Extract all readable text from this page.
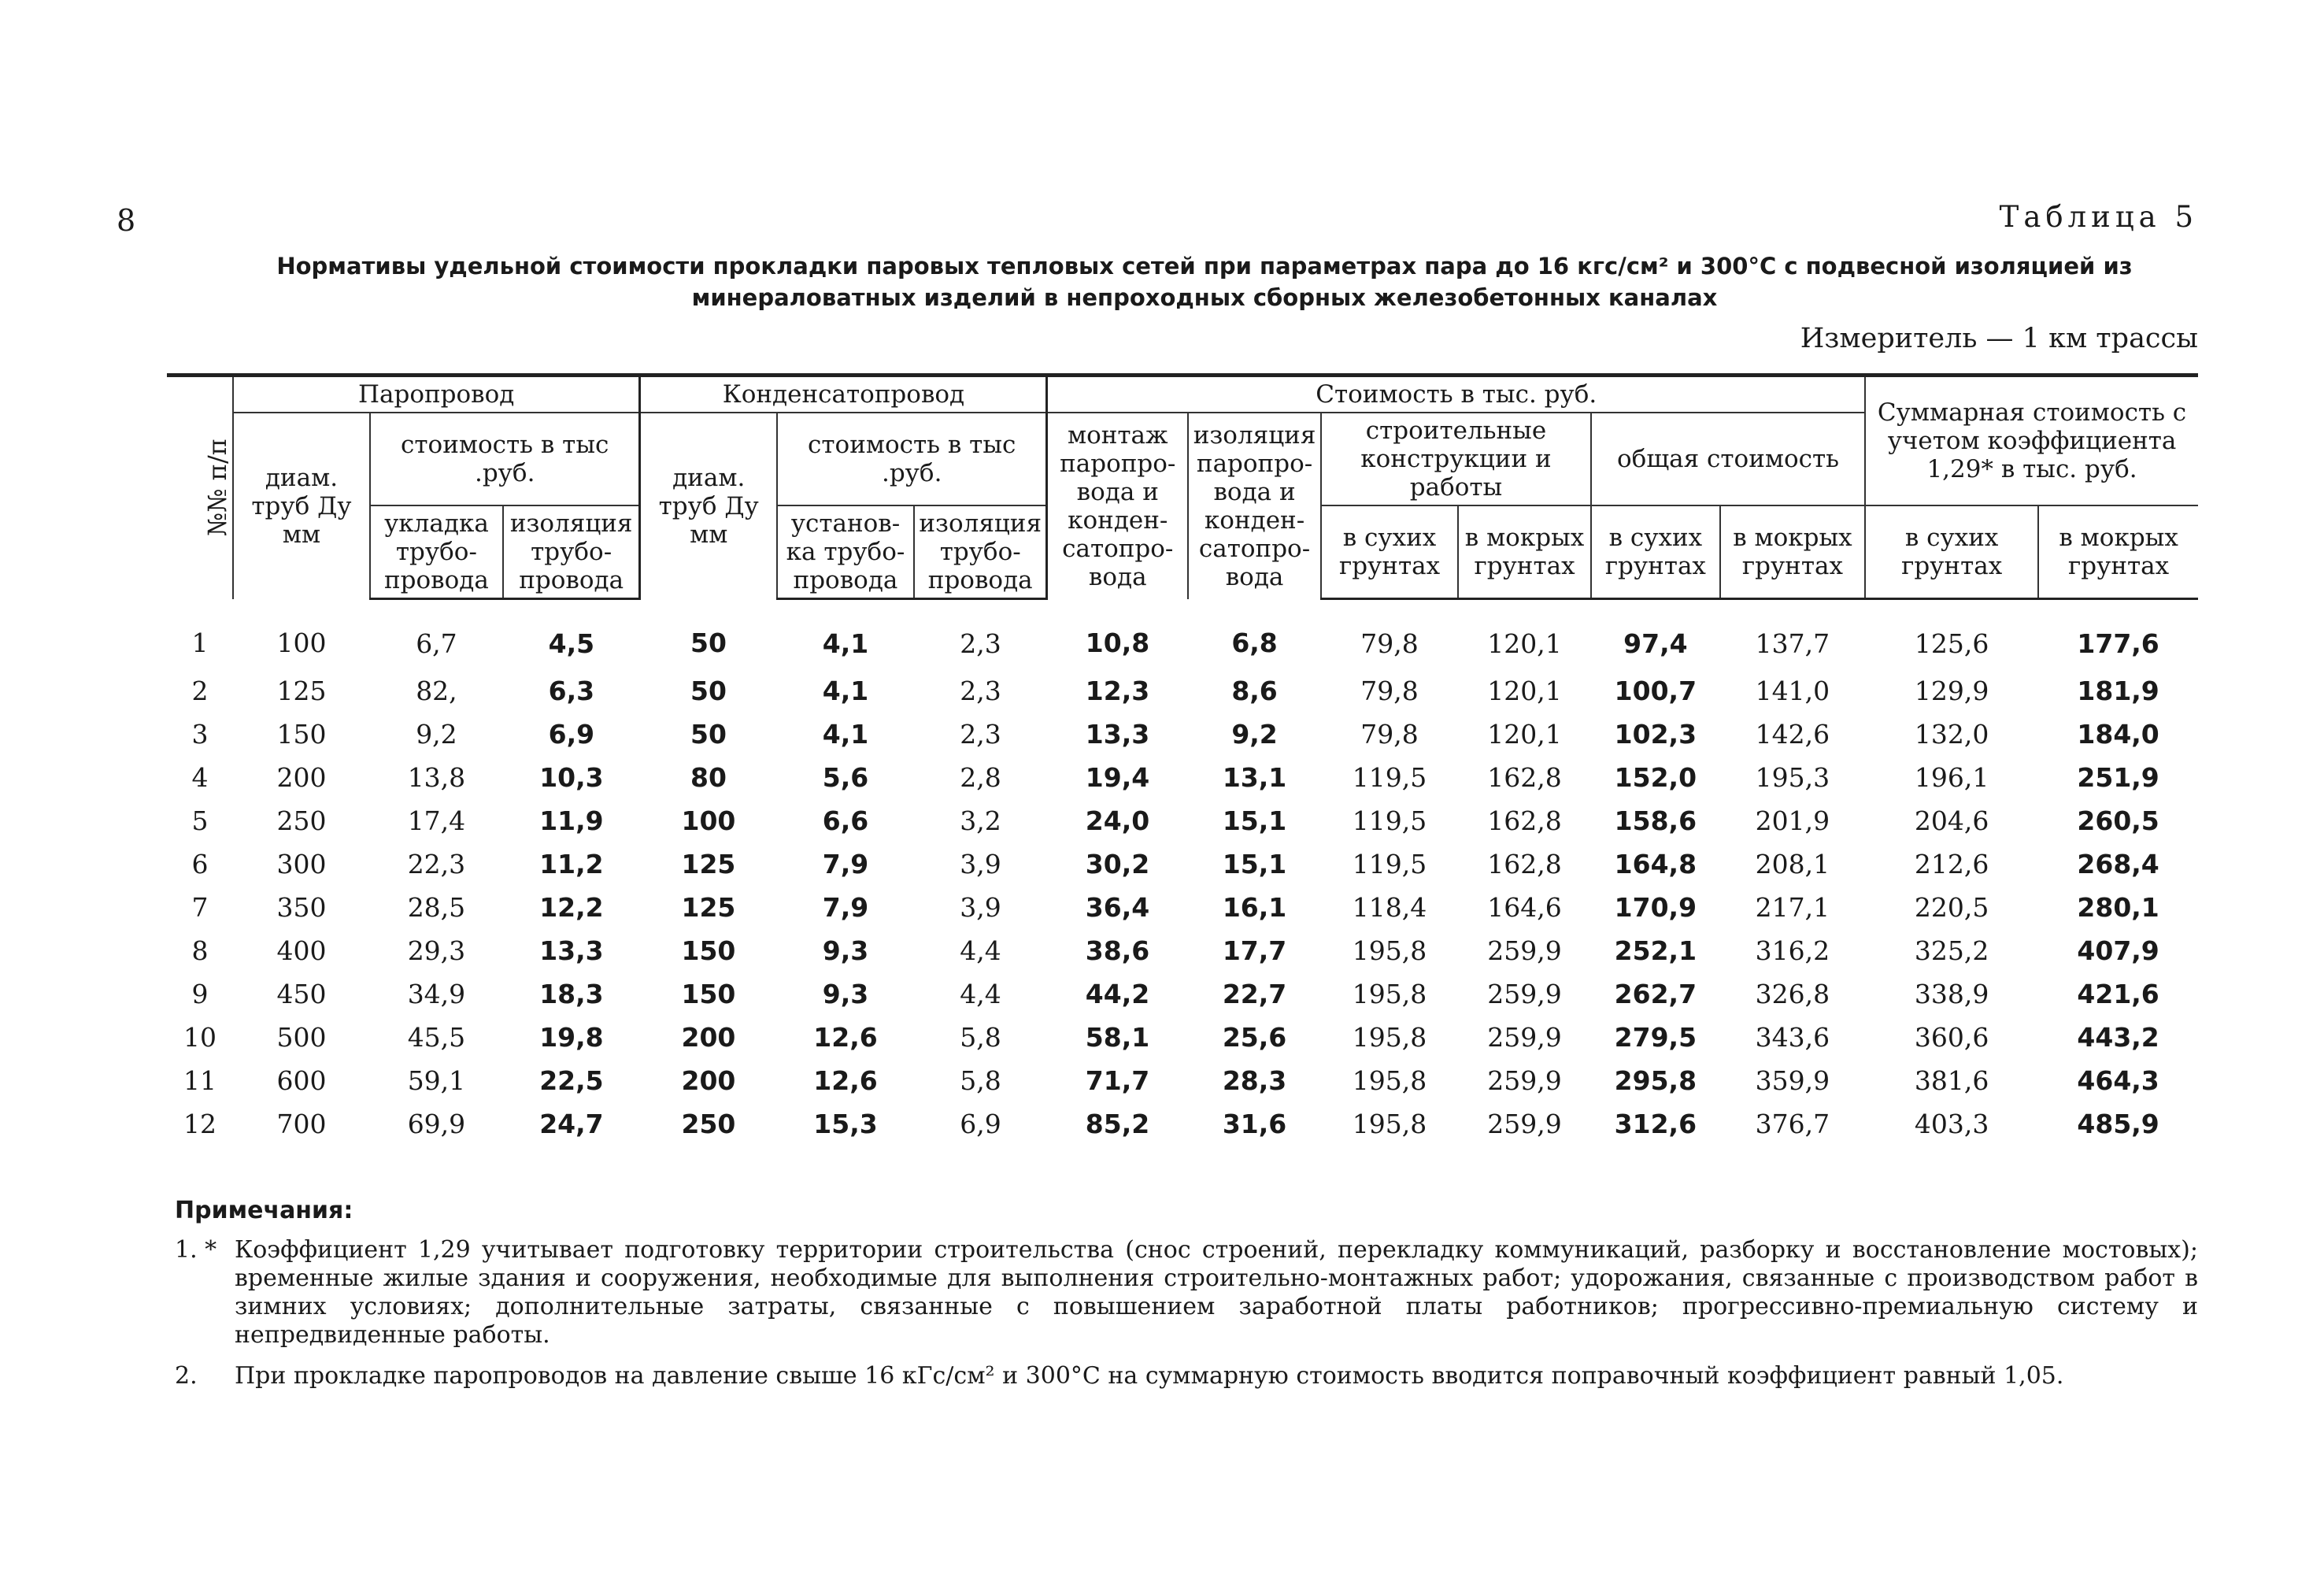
8	Таблица 5
Нормативы удельной стоимости прокладки паровых тепловых сетей при параметрах пара до 16 кгс/см² и 300°С с подвесной изоляцией из
минераловатных изделий в непроходных сборных железобетонных каналах
Измеритель — 1 км трассы
№№ п/п	Паропровод			Конденсатопровод			Стоимость в тыс. руб.						Суммарная стоимость с учетом коэффициента 1,29* в тыс. руб.	
	диам. труб Ду мм	стоимость в тыс .руб.		диам. труб Ду мм	стоимость в тыс .руб.		монтаж паропро-вода и конден-сатопро-вода	изоляция паропро-вода и конден-сатопро-вода	строительные конструкции и работы		общая стоимость			
		укладка трубо-провода	изоляция трубо-провода		установ-ка трубо-провода	изоляция трубо-провода			в сухих грунтах	в мокрых грунтах	в сухих грунтах	в мокрых грунтах	в сухих грунтах	в мокрых грунтах
1	100	6,7	4,5	50	4,1	2,3	10,8	6,8	79,8	120,1	97,4	137,7	125,6	177,6
2	125	82,	6,3	50	4,1	2,3	12,3	8,6	79,8	120,1	100,7	141,0	129,9	181,9
3	150	9,2	6,9	50	4,1	2,3	13,3	9,2	79,8	120,1	102,3	142,6	132,0	184,0
4	200	13,8	10,3	80	5,6	2,8	19,4	13,1	119,5	162,8	152,0	195,3	196,1	251,9
5	250	17,4	11,9	100	6,6	3,2	24,0	15,1	119,5	162,8	158,6	201,9	204,6	260,5
6	300	22,3	11,2	125	7,9	3,9	30,2	15,1	119,5	162,8	164,8	208,1	212,6	268,4
7	350	28,5	12,2	125	7,9	3,9	36,4	16,1	118,4	164,6	170,9	217,1	220,5	280,1
8	400	29,3	13,3	150	9,3	4,4	38,6	17,7	195,8	259,9	252,1	316,2	325,2	407,9
9	450	34,9	18,3	150	9,3	4,4	44,2	22,7	195,8	259,9	262,7	326,8	338,9	421,6
10	500	45,5	19,8	200	12,6	5,8	58,1	25,6	195,8	259,9	279,5	343,6	360,6	443,2
11	600	59,1	22,5	200	12,6	5,8	71,7	28,3	195,8	259,9	295,8	359,9	381,6	464,3
12	700	69,9	24,7	250	15,3	6,9	85,2	31,6	195,8	259,9	312,6	376,7	403,3	485,9
Примечания:
1. * Коэффициент 1,29 учитывает подготовку территории строительства (снос строений, перекладку коммуникаций, разборку и восстановление мостовых); временные жилые здания и сооружения, необходимые для выполнения строительно-монтажных работ; удорожания, связанные с производством работ в зимних условиях; дополнительные затраты, связанные с повышением заработной платы работников; прогрессивно-премиальную систему и непредвиденные работы.
2.	При прокладке паропроводов на давление свыше 16 кГс/см² и 300°С на суммарную стоимость вводится поправочный коэффициент равный 1,05.
